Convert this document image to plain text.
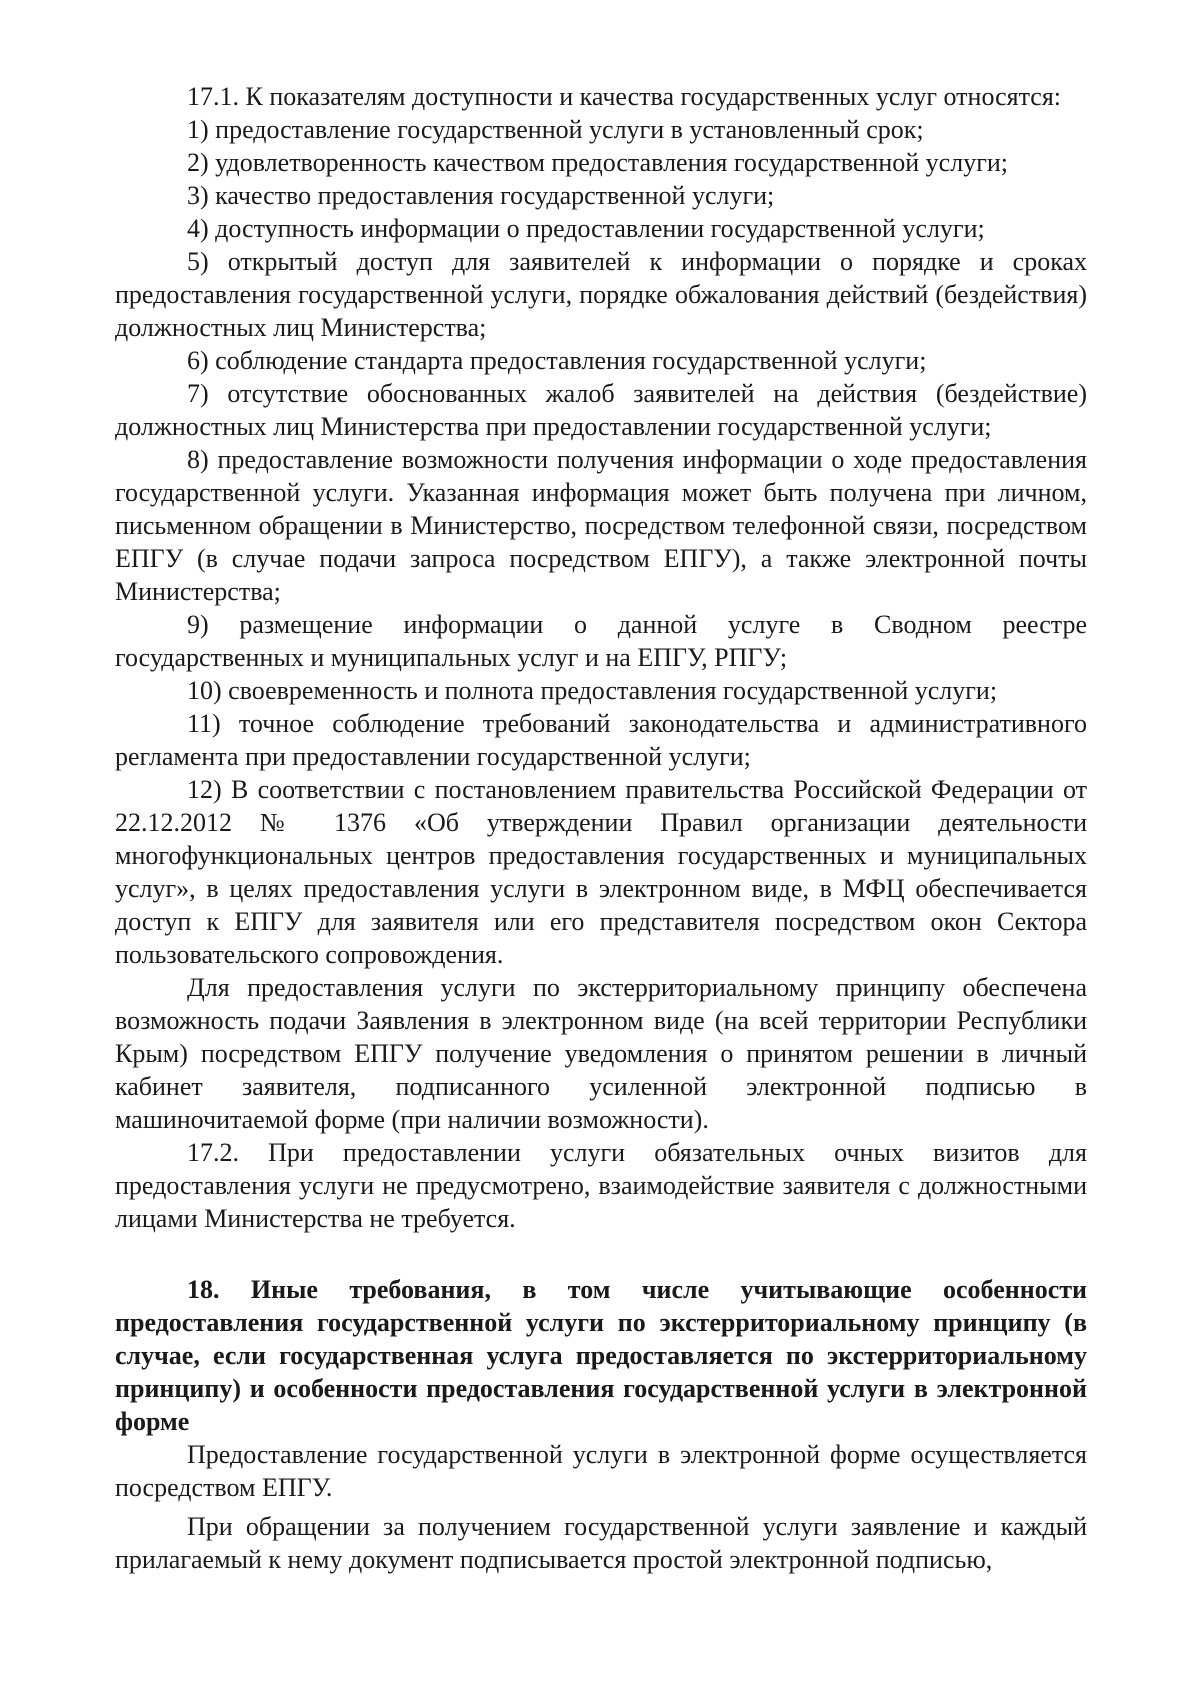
17.1. К показателям доступности и качества государственных услуг относятся:

1) предоставление государственной услуги в установленный срок;

2) удовлетворенность качеством предоставления государственной услуги;

3) качество предоставления государственной услуги;

4) доступность информации о предоставлении государственной услуги;

5) открытый доступ для заявителей к информации о порядке и сроках предоставления государственной услуги, порядке обжалования действий (бездействия) должностных лиц Министерства;

6) соблюдение стандарта предоставления государственной услуги;

7) отсутствие обоснованных жалоб заявителей на действия (бездействие) должностных лиц Министерства при предоставлении государственной услуги;

8) предоставление возможности получения информации о ходе предоставления государственной услуги. Указанная информация может быть получена при личном, письменном обращении в Министерство, посредством телефонной связи, посредством ЕПГУ (в случае подачи запроса посредством ЕПГУ), а также электронной почты Министерства;

9) размещение информации о данной услуге в Сводном реестре государственных и муниципальных услуг и на ЕПГУ, РПГУ;

10) своевременность и полнота предоставления государственной услуги;

11) точное соблюдение требований законодательства и административного регламента при предоставлении государственной услуги;

12) В соответствии с постановлением правительства Российской Федерации от 22.12.2012 № 1376 «Об утверждении Правил организации деятельности многофункциональных центров предоставления государственных и муниципальных услуг», в целях предоставления услуги в электронном виде, в МФЦ обеспечивается доступ к ЕПГУ для заявителя или его представителя посредством окон Сектора пользовательского сопровождения.

Для предоставления услуги по экстерриториальному принципу обеспечена возможность подачи Заявления в электронном виде (на всей территории Республики Крым) посредством ЕПГУ получение уведомления о принятом решении в личный кабинет заявителя, подписанного усиленной электронной подписью в машиночитаемой форме (при наличии возможности).

17.2. При предоставлении услуги обязательных очных визитов для предоставления услуги не предусмотрено, взаимодействие заявителя с должностными лицами Министерства не требуется.

18. Иные требования, в том числе учитывающие особенности предоставления государственной услуги по экстерриториальному принципу (в случае, если государственная услуга предоставляется по экстерриториальному принципу) и особенности предоставления государственной услуги в электронной форме

Предоставление государственной услуги в электронной форме осуществляется посредством ЕПГУ.

При обращении за получением государственной услуги заявление и каждый прилагаемый к нему документ подписывается простой электронной подписью,
